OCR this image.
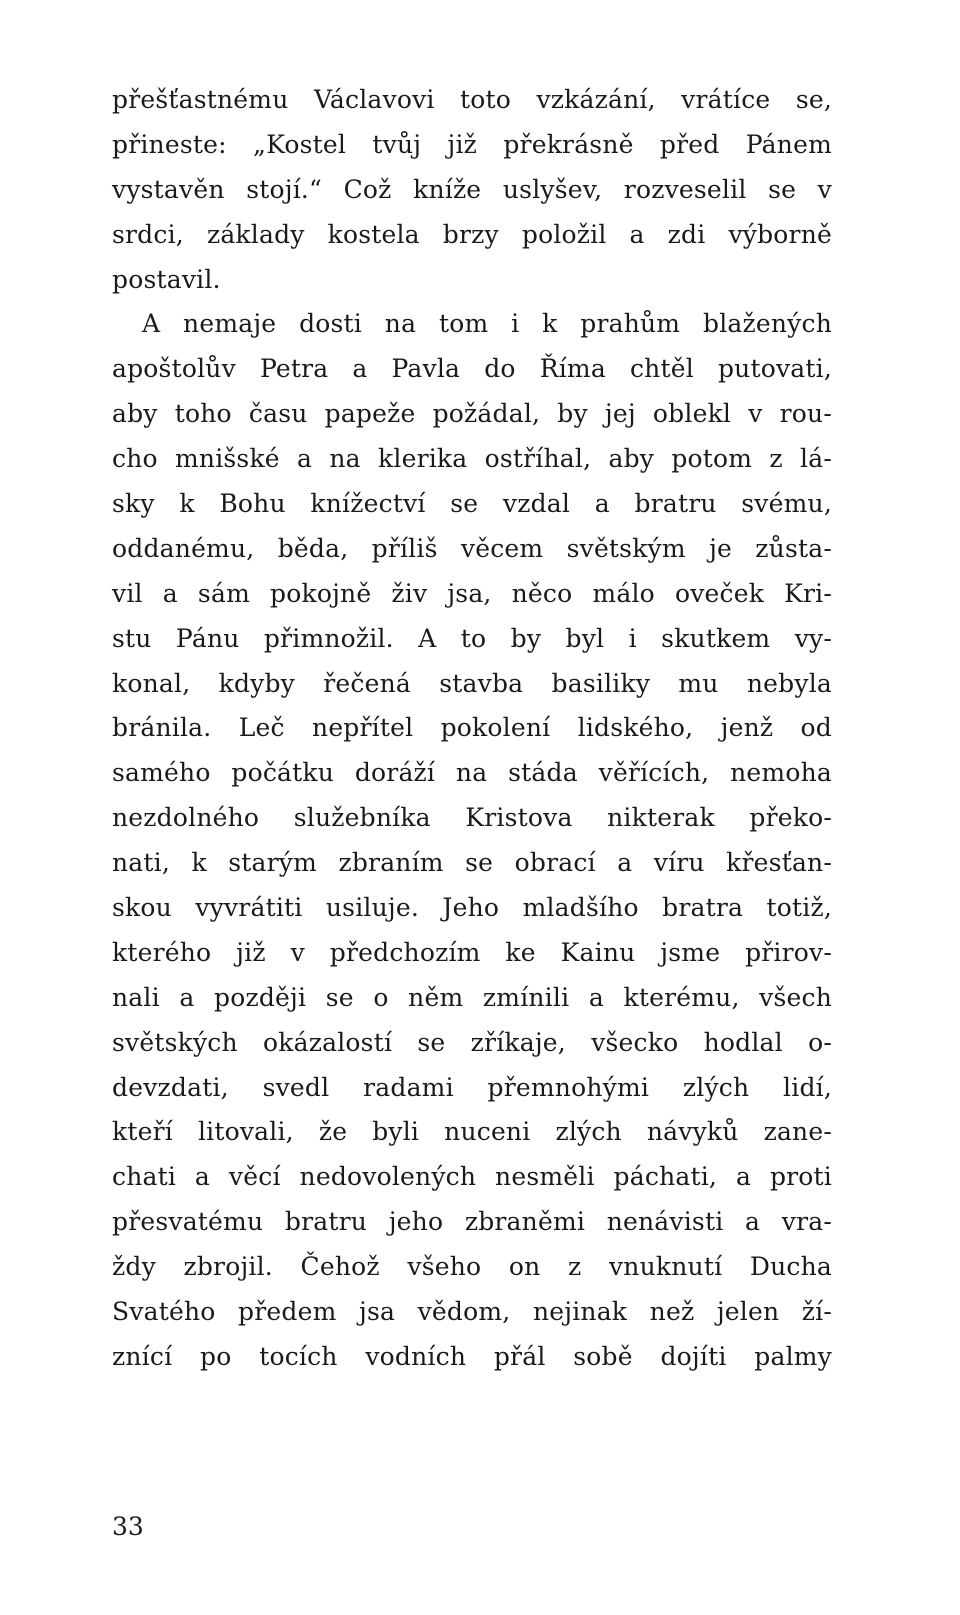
přešťastnému Václavovi toto vzkázání, vrátíce se,
přineste: „Kostel tvůj již překrásně před Pánem
vystavěn stojí.“ Což kníže uslyšev, rozveselil se v
srdci, základy kostela brzy položil a zdi výborně
postavil.
A nemaje dosti na tom i k prahům blažených
apoštolův Petra a Pavla do Říma chtěl putovati,
aby toho času papeže požádal, by jej oblekl v rou-
cho mnišské a na klerika ostříhal, aby potom z lá-
sky k Bohu knížectví se vzdal a bratru svému,
oddanému, běda, příliš věcem světským je zůsta-
vil a sám pokojně živ jsa, něco málo oveček Kri-
stu Pánu přimnožil. A to by byl i skutkem vy-
konal, kdyby řečená stavba basiliky mu nebyla
bránila. Leč nepřítel pokolení lidského, jenž od
samého počátku doráží na stáda věřících, nemoha
nezdolného služebníka Kristova nikterak překo-
nati, k starým zbraním se obrací a víru křesťan-
skou vyvrátiti usiluje. Jeho mladšího bratra totiž,
kterého již v předchozím ke Kainu jsme přirov-
nali a později se o něm zmínili a kterému, všech
světských okázalostí se zříkaje, všecko hodlal o-
devzdati, svedl radami přemnohými zlých lidí,
kteří litovali, že byli nuceni zlých návyků zane-
chati a věcí nedovolených nesměli páchati, a proti
přesvatému bratru jeho zbraněmi nenávisti a vra-
ždy zbrojil. Čehož všeho on z vnuknutí Ducha
Svatého předem jsa vědom, nejinak než jelen ží-
znící po tocích vodních přál sobě dojíti palmy
33
